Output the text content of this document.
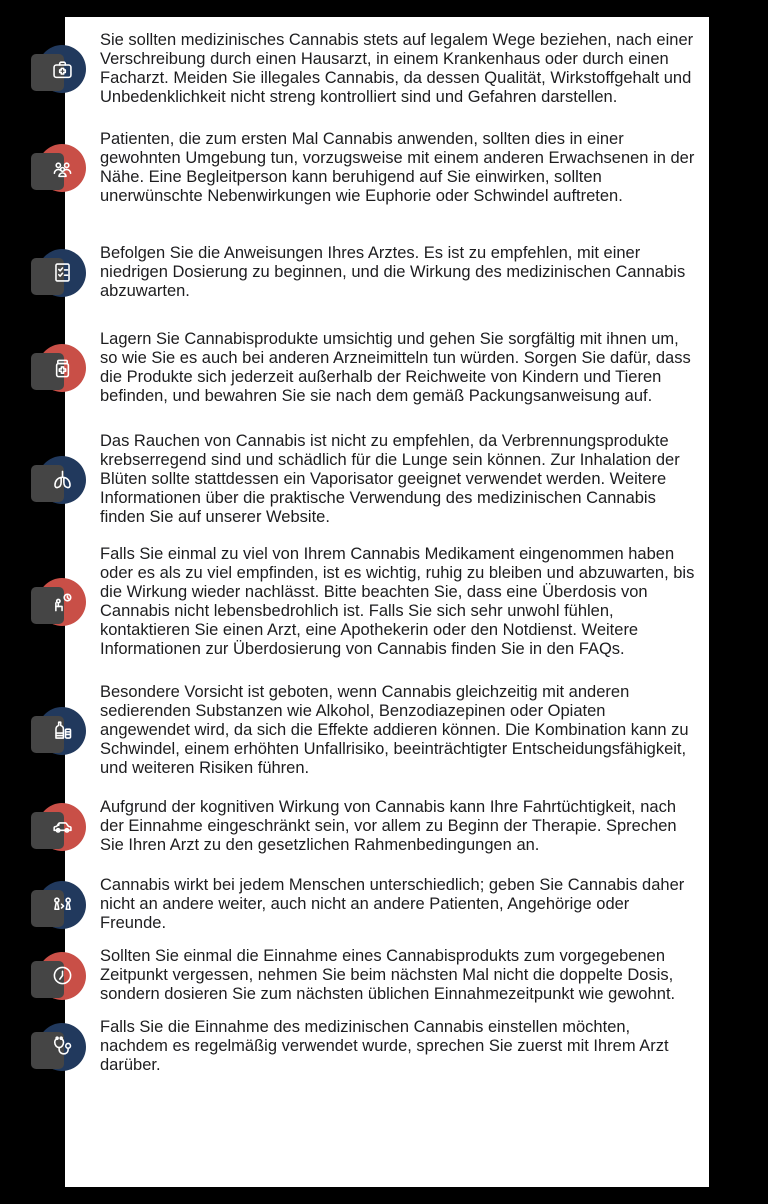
Sie sollten medizinisches Cannabis stets auf legalem Wege beziehen, nach einer Verschreibung durch einen Hausarzt, in einem Krankenhaus oder durch einen Facharzt. Meiden Sie illegales Cannabis, da dessen Qualität, Wirkstoffgehalt und Unbedenklichkeit nicht streng kontrolliert sind und Gefahren darstellen.

Patienten, die zum ersten Mal Cannabis anwenden, sollten dies in einer gewohnten Umgebung tun, vorzugsweise mit einem anderen Erwachsenen in der Nähe. Eine Begleitperson kann beruhigend auf Sie einwirken, sollten unerwünschte Nebenwirkungen wie Euphorie oder Schwindel auftreten.

Befolgen Sie die Anweisungen Ihres Arztes. Es ist zu empfehlen, mit einer niedrigen Dosierung zu beginnen, und die Wirkung des medizinischen Cannabis abzuwarten.

Lagern Sie Cannabisprodukte umsichtig und gehen Sie sorgfältig mit ihnen um, so wie Sie es auch bei anderen Arzneimitteln tun würden. Sorgen Sie dafür, dass die Produkte sich jederzeit außerhalb der Reichweite von Kindern und Tieren befinden, und bewahren Sie sie nach dem gemäß Packungsanweisung auf.

Das Rauchen von Cannabis ist nicht zu empfehlen, da Verbrennungsprodukte krebserregend sind und schädlich für die Lunge sein können. Zur Inhalation der Blüten sollte stattdessen ein Vaporisator geeignet verwendet werden. Weitere Informationen über die praktische Verwendung des medizinischen Cannabis finden Sie auf unserer Website.

Falls Sie einmal zu viel von Ihrem Cannabis Medikament eingenommen haben oder es als zu viel empfinden, ist es wichtig, ruhig zu bleiben und abzuwarten, bis die Wirkung wieder nachlässt. Bitte beachten Sie, dass eine Überdosis von Cannabis nicht lebensbedrohlich ist. Falls Sie sich sehr unwohl fühlen, kontaktieren Sie einen Arzt, eine Apothekerin oder den Notdienst. Weitere Informationen zur Überdosierung von Cannabis finden Sie in den FAQs.

Besondere Vorsicht ist geboten, wenn Cannabis gleichzeitig mit anderen sedierenden Substanzen wie Alkohol, Benzodiazepinen oder Opiaten angewendet wird, da sich die Effekte addieren können. Die Kombination kann zu Schwindel, einem erhöhten Unfallrisiko, beeinträchtigter Entscheidungsfähigkeit, und weiteren Risiken führen.

Aufgrund der kognitiven Wirkung von Cannabis kann Ihre Fahrtüchtigkeit, nach der Einnahme eingeschränkt sein, vor allem zu Beginn der Therapie. Sprechen Sie Ihren Arzt zu den gesetzlichen Rahmenbedingungen an.

Cannabis wirkt bei jedem Menschen unterschiedlich; geben Sie Cannabis daher nicht an andere weiter, auch nicht an andere Patienten, Angehörige oder Freunde.

Sollten Sie einmal die Einnahme eines Cannabisprodukts zum vorgegebenen Zeitpunkt vergessen, nehmen Sie beim nächsten Mal nicht die doppelte Dosis, sondern dosieren Sie zum nächsten üblichen Einnahmezeitpunkt wie gewohnt.

Falls Sie die Einnahme des medizinischen Cannabis einstellen möchten, nachdem es regelmäßig verwendet wurde, sprechen Sie zuerst mit Ihrem Arzt darüber.
